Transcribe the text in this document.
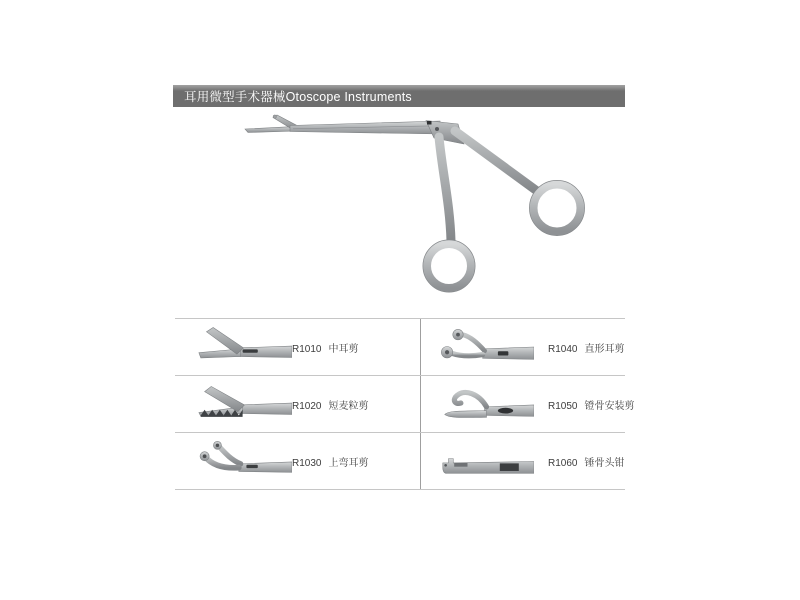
耳用微型手术器械Otoscope Instruments
R1010 中耳剪	R1040 直形耳剪
R1020 短麦粒剪	R1050 镫骨安装剪
R1030 上弯耳剪	R1060 锤骨头钳
